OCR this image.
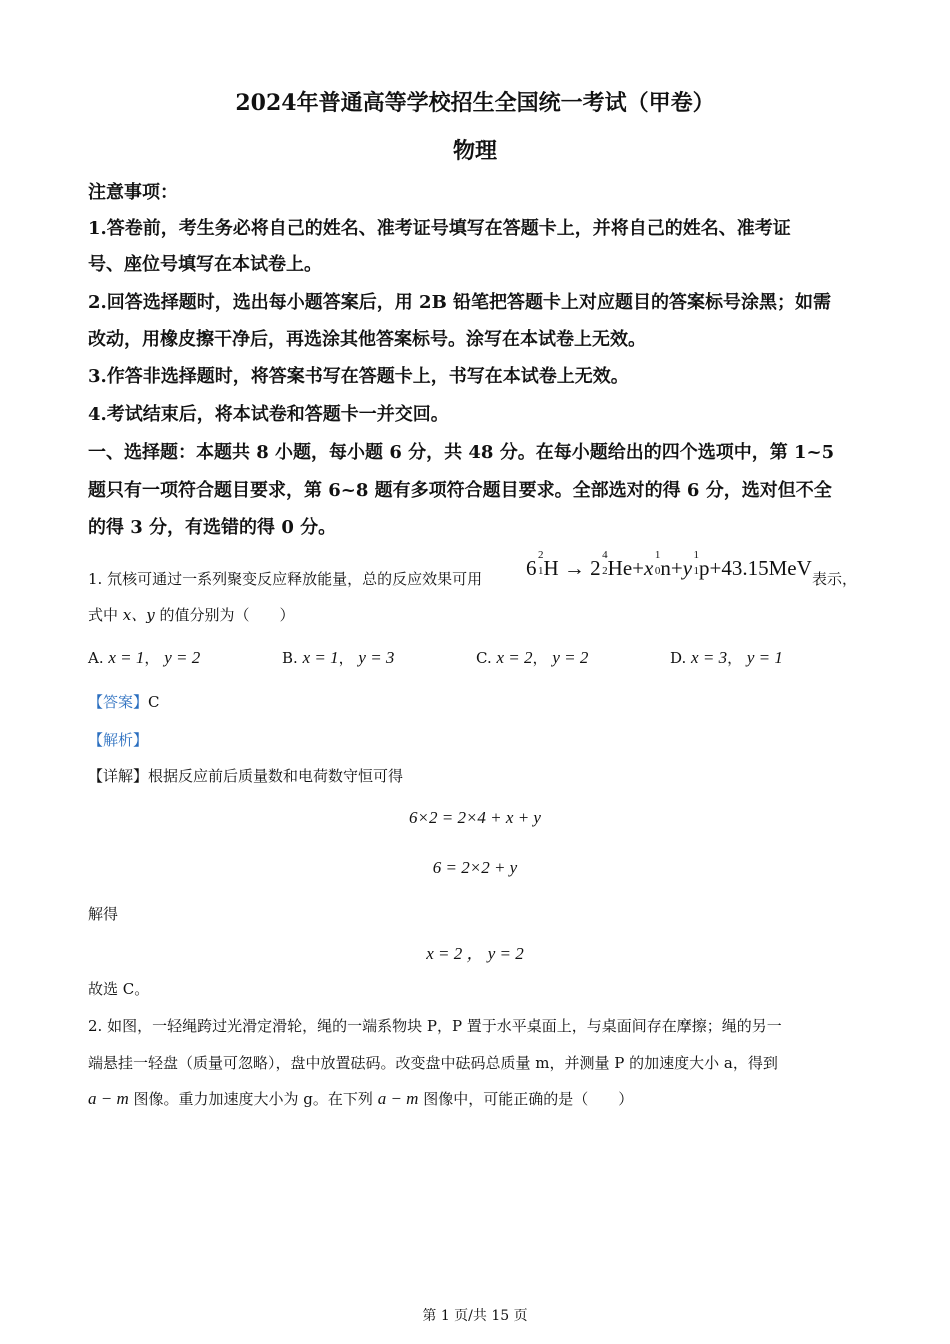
2024年普通高等学校招生全国统一考试（甲卷）
物理
注意事项：
1.答卷前，考生务必将自己的姓名、准考证号填写在答题卡上，并将自己的姓名、准考证
号、座位号填写在本试卷上。
2.回答选择题时，选出每小题答案后，用 2B 铅笔把答题卡上对应题目的答案标号涂黑；如需
改动，用橡皮擦干净后，再选涂其他答案标号。涂写在本试卷上无效。
3.作答非选择题时，将答案书写在答题卡上，书写在本试卷上无效。
4.考试结束后，将本试卷和答题卡一并交回。
一、选择题：本题共 8 小题，每小题 6 分，共 48 分。在每小题给出的四个选项中，第 1~5
题只有一项符合题目要求，第 6~8 题有多项符合题目要求。全部选对的得 6 分，选对但不全
的得 3 分，有选错的得 0 分。
1. 氘核可通过一系列聚变反应释放能量，总的反应效果可用 6
2
1 H → 2
4
2 He+x
1
0 n+y
1
1 p+43.15MeV 表示，
式中 x、y 的值分别为（　　）
A. x = 1， y = 2	B. x = 1， y = 3	C. x = 2， y = 2	D. x = 3， y = 1
【答案】C
【解析】
【详解】根据反应前后质量数和电荷数守恒可得
6×2 = 2×4 + x + y
6 = 2×2 + y
解得
x = 2 ， y = 2
故选 C。
2. 如图，一轻绳跨过光滑定滑轮，绳的一端系物块 P，P 置于水平桌面上，与桌面间存在摩擦；绳的另一
端悬挂一轻盘（质量可忽略），盘中放置砝码。改变盘中砝码总质量 m，并测量 P 的加速度大小 a，得到
a − m 图像。重力加速度大小为 g。在下列 a − m 图像中，可能正确的是（　　）
第 1 页/共 15 页
